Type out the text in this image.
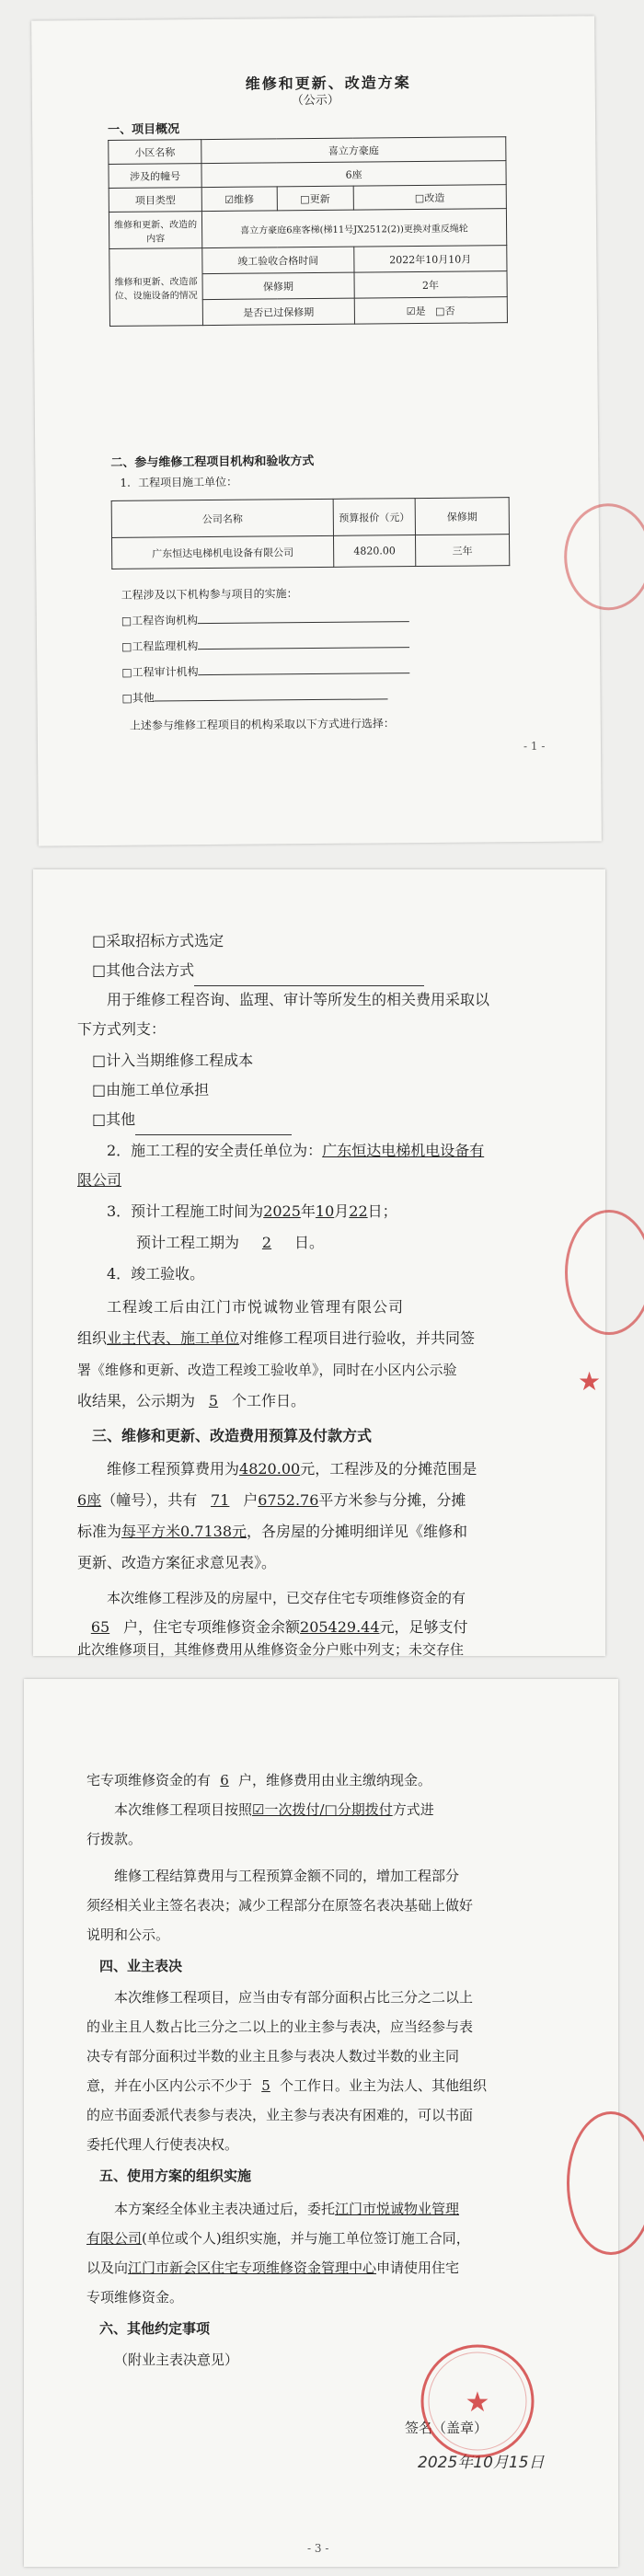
维修和更新、改造方案
（公示）
一、项目概况
小区名称	喜立方豪庭		
涉及的幢号	6座		
项目类型	☑维修	□更新	□改造
维修和更新、改造的内容	喜立方豪庭6座客梯(梯11号JX2512(2))更换对重反绳轮		
维修和更新、改造部位、设施设备的情况	竣工验收合格时间		2022年10月10月
	保修期		2年
	是否已过保修期		☑是 □否
二、参与维修工程项目机构和验收方式
1．工程项目施工单位：
公司名称	预算报价（元）	保修期
广东恒达电梯机电设备有限公司	4820.00	三年
工程涉及以下机构参与项目的实施：
□工程咨询机构
□工程监理机构
□工程审计机构
□其他
上述参与维修工程项目的机构采取以下方式进行选择：
- 1 -
□采取招标方式选定
□其他合法方式
用于维修工程咨询、监理、审计等所发生的相关费用采取以
下方式列支：
□计入当期维修工程成本
□由施工单位承担
□其他
2．施工工程的安全责任单位为：广东恒达电梯机电设备有
限公司
3．预计工程施工时间为2025年10月22日；
预计工程工期为 2 日。
4．竣工验收。
工程竣工后由江门市悦诚物业管理有限公司
组织业主代表、施工单位对维修工程项目进行验收，并共同签
署《维修和更新、改造工程竣工验收单》，同时在小区内公示验
收结果，公示期为 5 个工作日。
三、维修和更新、改造费用预算及付款方式
维修工程预算费用为4820.00元，工程涉及的分摊范围是
6座（幢号），共有 71 户6752.76平方米参与分摊，分摊
标准为每平方米0.7138元，各房屋的分摊明细详见《维修和
更新、改造方案征求意见表》。
本次维修工程涉及的房屋中，已交存住宅专项维修资金的有
65 户，住宅专项维修资金余额205429.44元，足够支付
此次维修项目，其维修费用从维修资金分户账中列支；未交存住
★
宅专项维修资金的有 6 户，维修费用由业主缴纳现金。
本次维修工程项目按照☑一次拨付/□分期拨付方式进
行拨款。
维修工程结算费用与工程预算金额不同的，增加工程部分
须经相关业主签名表决；减少工程部分在原签名表决基础上做好
说明和公示。
四、业主表决
本次维修工程项目，应当由专有部分面积占比三分之二以上
的业主且人数占比三分之二以上的业主参与表决，应当经参与表
决专有部分面积过半数的业主且参与表决人数过半数的业主同
意，并在小区内公示不少于 5 个工作日。业主为法人、其他组织
的应书面委派代表参与表决，业主参与表决有困难的，可以书面
委托代理人行使表决权。
五、使用方案的组织实施
本方案经全体业主表决通过后，委托江门市悦诚物业管理
有限公司(单位或个人)组织实施，并与施工单位签订施工合同，
以及向江门市新会区住宅专项维修资金管理中心申请使用住宅
专项维修资金。
六、其他约定事项
（附业主表决意见）
签名（盖章）
2025年10月15日
★
- 3 -
